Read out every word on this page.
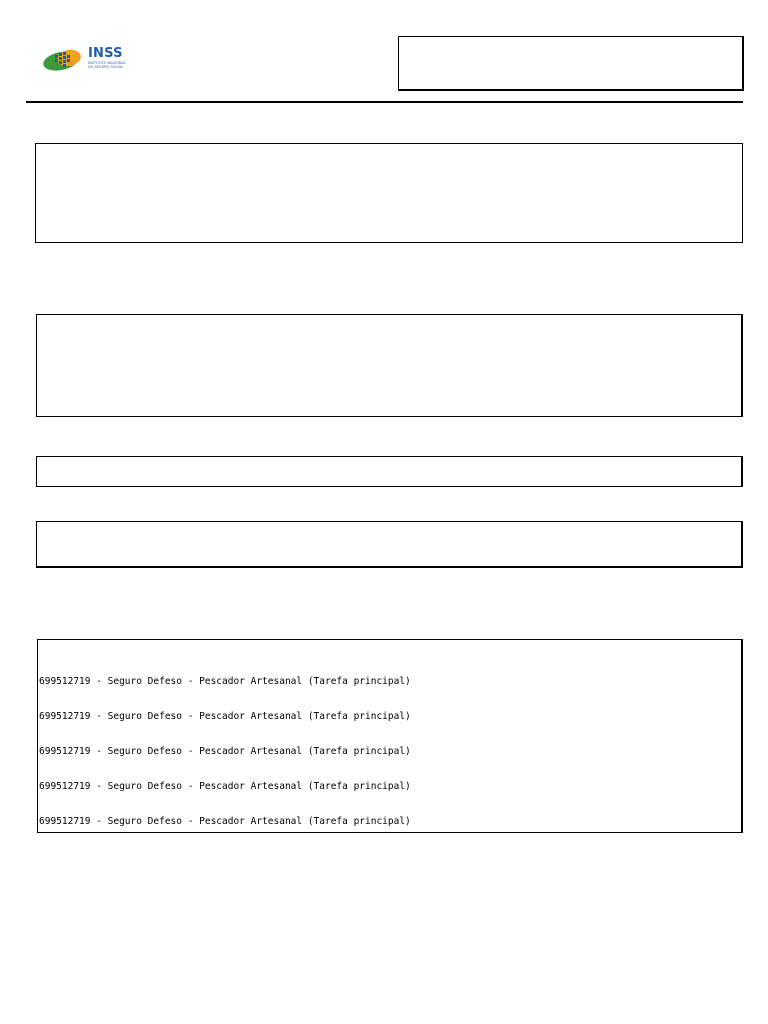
INSS
INSTITUTO NACIONAL DO SEGURO SOCIAL
699512719 - Seguro Defeso - Pescador Artesanal (Tarefa principal)
699512719 - Seguro Defeso - Pescador Artesanal (Tarefa principal)
699512719 - Seguro Defeso - Pescador Artesanal (Tarefa principal)
699512719 - Seguro Defeso - Pescador Artesanal (Tarefa principal)
699512719 - Seguro Defeso - Pescador Artesanal (Tarefa principal)
